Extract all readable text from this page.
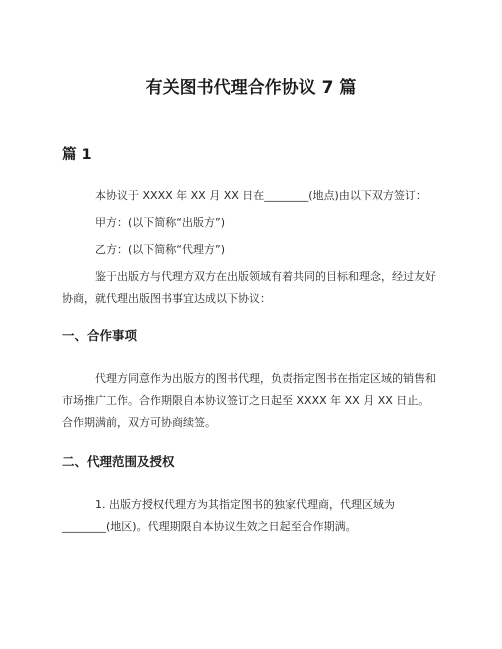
有关图书代理合作协议 7 篇
篇 1

本协议于 XXXX 年 XX 月 XX 日在________(地点)由以下双方签订：

甲方：(以下简称“出版方”)

乙方：(以下简称“代理方”)

鉴于出版方与代理方双方在出版领域有着共同的目标和理念，经过友好协商，就代理出版图书事宜达成以下协议：

一、合作事项

代理方同意作为出版方的图书代理，负责指定图书在指定区域的销售和市场推广工作。合作期限自本协议签订之日起至 XXXX 年 XX 月 XX 日止。合作期满前，双方可协商续签。

二、代理范围及授权

1. 出版方授权代理方为其指定图书的独家代理商，代理区域为________(地区)。代理期限自本协议生效之日起至合作期满。
